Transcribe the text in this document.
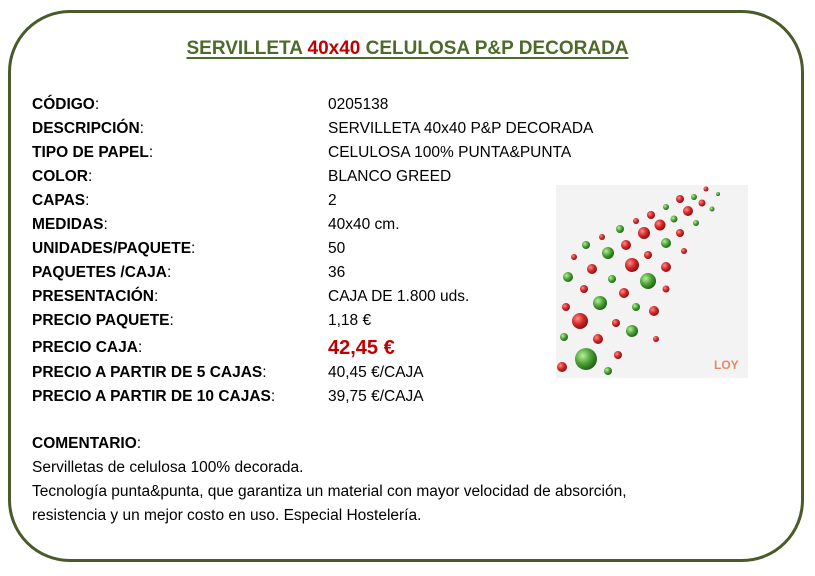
SERVILLETA 40x40 CELULOSA P&P DECORADA
CÓDIGO:	0205138
DESCRIPCIÓN:	SERVILLETA 40x40 P&P DECORADA
TIPO DE PAPEL:	CELULOSA 100% PUNTA&PUNTA
COLOR:	BLANCO GREED
CAPAS:	2
MEDIDAS:	40x40 cm.
UNIDADES/PAQUETE:	50
PAQUETES /CAJA:	36
PRESENTACIÓN:	CAJA DE 1.800 uds.
PRECIO PAQUETE:	1,18 €
PRECIO CAJA:	42,45 €
PRECIO A PARTIR DE 5 CAJAS:	40,45 €/CAJA
PRECIO A PARTIR DE 10 CAJAS:	39,75 €/CAJA
COMENTARIO:
Servilletas de celulosa 100% decorada.
Tecnología punta&punta, que garantiza un material con mayor velocidad de absorción,
resistencia y un mejor costo en uso. Especial Hostelería.
LOY
